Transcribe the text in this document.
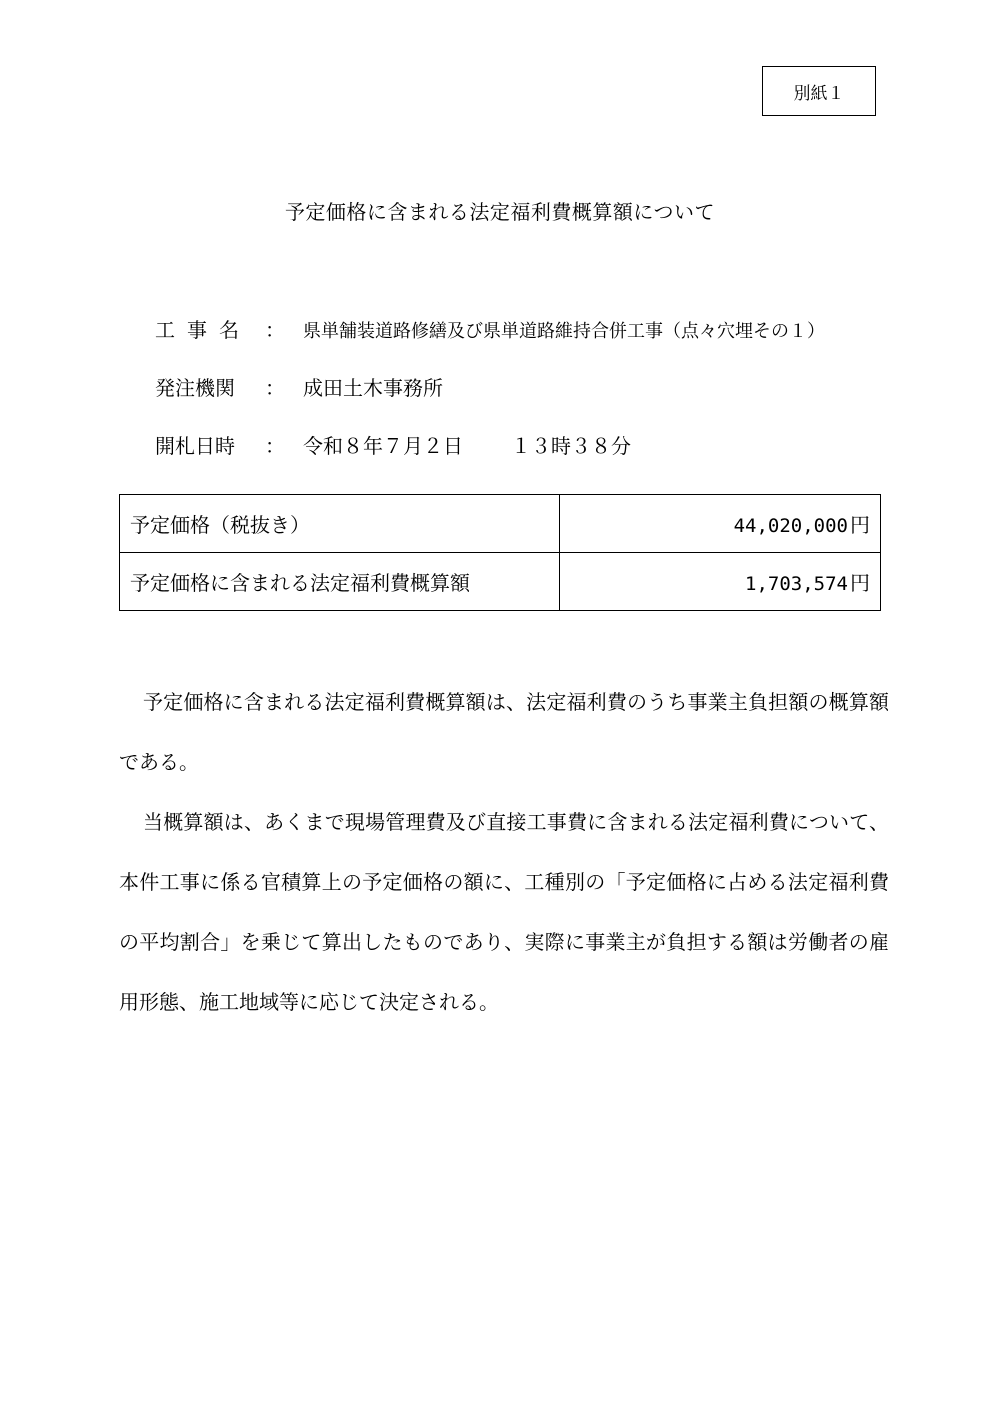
別紙１
予定価格に含まれる法定福利費概算額について
工事名 ： 県単舗装道路修繕及び県単道路維持合併工事（点々穴埋その１）
発注機関 ： 成田土木事務所
開札日時 ： 令和８年７月２日 １３時３８分
予定価格（税抜き）	44,020,000 円
予定価格に含まれる法定福利費概算額	1,703,574 円
予定価格に含まれる法定福利費概算額は、法定福利費のうち事業主負担額の概算額である。
当概算額は、あくまで現場管理費及び直接工事費に含まれる法定福利費について、本件工事に係る官積算上の予定価格の額に、工種別の「予定価格に占める法定福利費の平均割合」を乗じて算出したものであり、実際に事業主が負担する額は労働者の雇用形態、施工地域等に応じて決定される。
